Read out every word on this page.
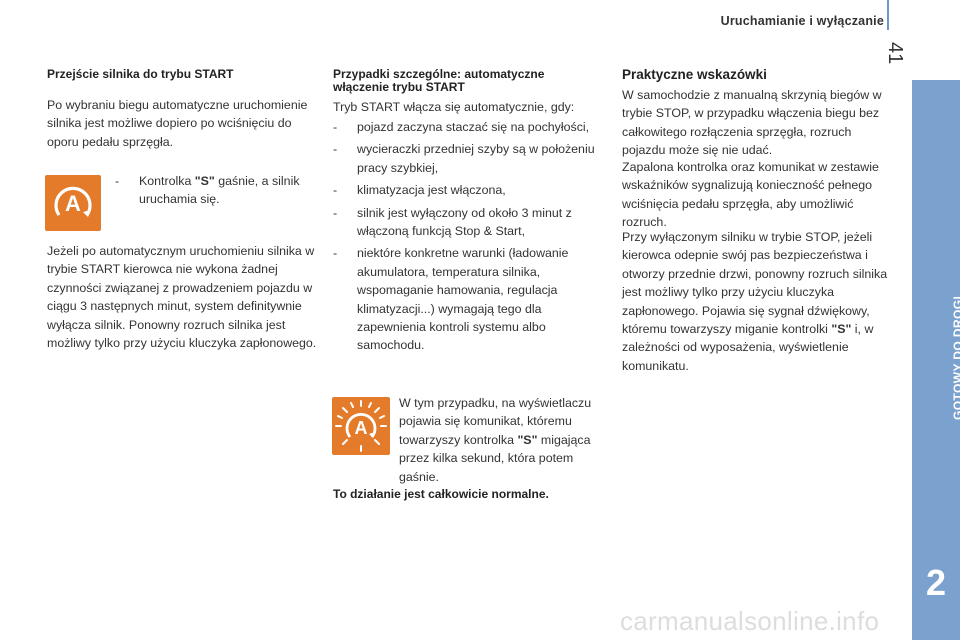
Uruchamianie i wyłączanie
41
GOTOWY DO DROGI
2
Przejście silnika do trybu START

Po wybraniu biegu automatyczne uruchomienie silnika jest możliwe dopiero po wciśnięciu do oporu pedału sprzęgła.

A
-	Kontrolka "S" gaśnie, a silnik uruchamia się.

Jeżeli po automatycznym uruchomieniu silnika w trybie START kierowca nie wykona żadnej czynności związanej z prowadzeniem pojazdu w ciągu 3 następnych minut, system definitywnie wyłącza silnik. Ponowny rozruch silnika jest możliwy tylko przy użyciu kluczyka zapłonowego.

Przypadki szczególne: automatyczne
włączenie trybu START

Tryb START włącza się automatycznie, gdy:

- pojazd zaczyna staczać się na pochyłości,
- wycieraczki przedniej szyby są w położeniu pracy szybkiej,
- klimatyzacja jest włączona,
- silnik jest wyłączony od około 3 minut z włączoną funkcją Stop & Start,
- niektóre konkretne warunki (ładowanie akumulatora, temperatura silnika, wspomaganie hamowania, regulacja klimatyzacji...) wymagają tego dla zapewnienia kontroli systemu albo samochodu.
A

W tym przypadku, na wyświetlaczu pojawia się komunikat, któremu towarzyszy kontrolka "S" migająca przez kilka sekund, która potem gaśnie.

To działanie jest całkowicie normalne.
Praktyczne wskazówki

W samochodzie z manualną skrzynią biegów w trybie STOP, w przypadku włączenia biegu bez całkowitego rozłączenia sprzęgła, rozruch pojazdu może się nie udać.

Zapalona kontrolka oraz komunikat w zestawie wskaźników sygnalizują konieczność pełnego wciśnięcia pedału sprzęgła, aby umożliwić rozruch.

Przy wyłączonym silniku w trybie STOP, jeżeli kierowca odepnie swój pas bezpieczeństwa i otworzy przednie drzwi, ponowny rozruch silnika jest możliwy tylko przy użyciu kluczyka zapłonowego. Pojawia się sygnał dźwiękowy, któremu towarzyszy miganie kontrolki "S" i, w zależności od wyposażenia, wyświetlenie komunikatu.

carmanualsonline.info
